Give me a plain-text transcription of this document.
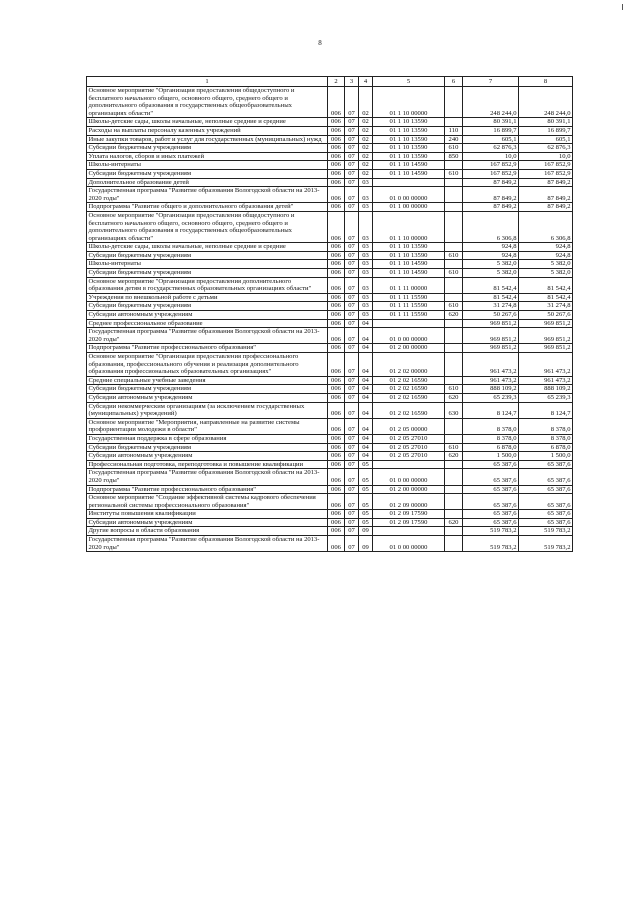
8
1	2	3	4	5	6	7	8
Основное мероприятие "Организация предоставления общедоступного и бесплатного начального общего, основного общего, среднего общего и дополнительного образования в государственных общеобразовательных организациях области"	006	07	02	01 1 10 00000		248 244,0	248 244,0
Школы-детские сады, школы начальные, неполные средние и средние	006	07	02	01 1 10 13590		80 391,1	80 391,1
Расходы на выплаты персоналу казенных учреждений	006	07	02	01 1 10 13590	110	16 899,7	16 899,7
Иные закупки товаров, работ и услуг для государственных (муниципальных) нужд	006	07	02	01 1 10 13590	240	605,1	605,1
Субсидии бюджетным учреждениям	006	07	02	01 1 10 13590	610	62 876,3	62 876,3
Уплата налогов, сборов и иных платежей	006	07	02	01 1 10 13590	850	10,0	10,0
Школы-интернаты	006	07	02	01 1 10 14590		167 852,9	167 852,9
Субсидии бюджетным учреждениям	006	07	02	01 1 10 14590	610	167 852,9	167 852,9
Дополнительное образование детей	006	07	03			87 849,2	87 849,2
Государственная программа "Развитие образования Вологодской области на 2013-2020 годы"	006	07	03	01 0 00 00000		87 849,2	87 849,2
Подпрограмма "Развитие общего и дополнительного образования детей"	006	07	03	01 1 00 00000		87 849,2	87 849,2
Основное мероприятие "Организация предоставления общедоступного и бесплатного начального общего, основного общего, среднего общего и дополнительного образования в государственных общеобразовательных организациях области"	006	07	03	01 1 10 00000		6 306,8	6 306,8
Школы-детские сады, школы начальные, неполные средние и средние	006	07	03	01 1 10 13590		924,8	924,8
Субсидии бюджетным учреждениям	006	07	03	01 1 10 13590	610	924,8	924,8
Школы-интернаты	006	07	03	01 1 10 14590		5 382,0	5 382,0
Субсидии бюджетным учреждениям	006	07	03	01 1 10 14590	610	5 382,0	5 382,0
Основное мероприятие "Организация предоставления дополнительного образования детям в государственных образовательных организациях области"	006	07	03	01 1 11 00000		81 542,4	81 542,4
Учреждения по внешкольной работе с детьми	006	07	03	01 1 11 15590		81 542,4	81 542,4
Субсидии бюджетным учреждениям	006	07	03	01 1 11 15590	610	31 274,8	31 274,8
Субсидии автономным учреждениям	006	07	03	01 1 11 15590	620	50 267,6	50 267,6
Среднее профессиональное образование	006	07	04			969 851,2	969 851,2
Государственная программа "Развитие образования Вологодской области на 2013-2020 годы"	006	07	04	01 0 00 00000		969 851,2	969 851,2
Подпрограмма "Развитие профессионального образования"	006	07	04	01 2 00 00000		969 851,2	969 851,2
Основное мероприятие "Организация предоставления профессионального образования, профессионального обучения и реализация дополнительного образования профессиональных образовательных организациях"	006	07	04	01 2 02 00000		961 473,2	961 473,2
Средние специальные учебные заведения	006	07	04	01 2 02 16590		961 473,2	961 473,2
Субсидии бюджетным учреждениям	006	07	04	01 2 02 16590	610	888 109,2	888 109,2
Субсидии автономным учреждениям	006	07	04	01 2 02 16590	620	65 239,3	65 239,3
Субсидии некоммерческим организациям (за исключением государственных (муниципальных) учреждений)	006	07	04	01 2 02 16590	630	8 124,7	8 124,7
Основное мероприятие "Мероприятия, направленные на развитие системы профориентации молодежи в области"	006	07	04	01 2 05 00000		8 378,0	8 378,0
Государственная поддержка в сфере образования	006	07	04	01 2 05 27010		8 378,0	8 378,0
Субсидии бюджетным учреждениям	006	07	04	01 2 05 27010	610	6 878,0	6 878,0
Субсидии автономным учреждениям	006	07	04	01 2 05 27010	620	1 500,0	1 500,0
Профессиональная подготовка, переподготовка и повышение квалификации	006	07	05			65 387,6	65 387,6
Государственная программа "Развитие образования Вологодской области на 2013-2020 годы"	006	07	05	01 0 00 00000		65 387,6	65 387,6
Подпрограмма "Развитие профессионального образования"	006	07	05	01 2 00 00000		65 387,6	65 387,6
Основное мероприятие "Создание эффективной системы кадрового обеспечения региональной системы профессионального образования"	006	07	05	01 2 09 00000		65 387,6	65 387,6
Институты повышения квалификации	006	07	05	01 2 09 17590		65 387,6	65 387,6
Субсидии автономным учреждениям	006	07	05	01 2 09 17590	620	65 387,6	65 387,6
Другие вопросы в области образования	006	07	09			519 783,2	519 783,2
Государственная программа "Развитие образования Вологодской области на 2013-2020 годы"	006	07	09	01 0 00 00000		519 783,2	519 783,2
